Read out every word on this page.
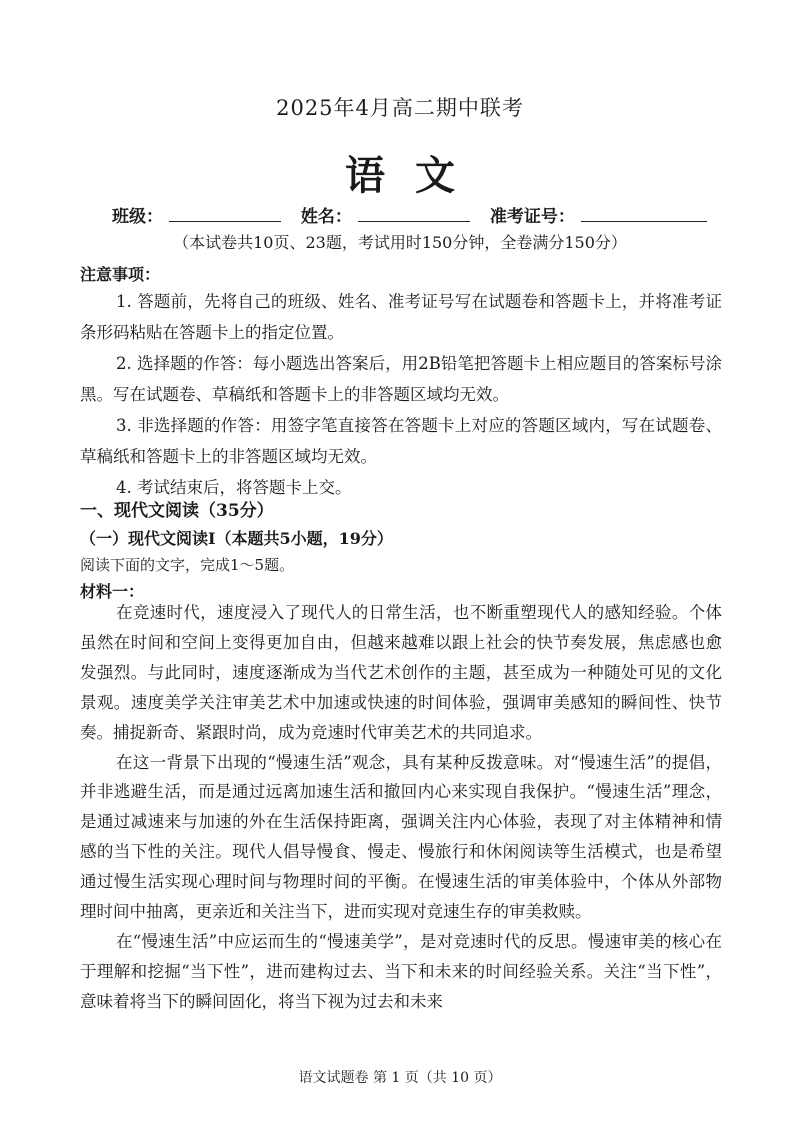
2025年4月高二期中联考
语文
班级：	姓名：	准考证号：
（本试卷共10页、23题，考试用时150分钟，全卷满分150分）
注意事项：
1. 答题前，先将自己的班级、姓名、准考证号写在试题卷和答题卡上，并将准考证条形码粘贴在答题卡上的指定位置。
2. 选择题的作答：每小题选出答案后，用2B铅笔把答题卡上相应题目的答案标号涂黑。写在试题卷、草稿纸和答题卡上的非答题区域均无效。
3. 非选择题的作答：用签字笔直接答在答题卡上对应的答题区域内，写在试题卷、草稿纸和答题卡上的非答题区域均无效。
4. 考试结束后，将答题卡上交。
一、现代文阅读（35分）
（一）现代文阅读Ⅰ（本题共5小题，19分）
阅读下面的文字，完成1～5题。
材料一：

在竞速时代，速度浸入了现代人的日常生活，也不断重塑现代人的感知经验。个体虽然在时间和空间上变得更加自由，但越来越难以跟上社会的快节奏发展，焦虑感也愈发强烈。与此同时，速度逐渐成为当代艺术创作的主题，甚至成为一种随处可见的文化景观。速度美学关注审美艺术中加速或快速的时间体验，强调审美感知的瞬间性、快节奏。捕捉新奇、紧跟时尚，成为竞速时代审美艺术的共同追求。

在这一背景下出现的“慢速生活”观念，具有某种反拨意味。对“慢速生活”的提倡，并非逃避生活，而是通过远离加速生活和撤回内心来实现自我保护。“慢速生活”理念，是通过减速来与加速的外在生活保持距离，强调关注内心体验，表现了对主体精神和情感的当下性的关注。现代人倡导慢食、慢走、慢旅行和休闲阅读等生活模式，也是希望通过慢生活实现心理时间与物理时间的平衡。在慢速生活的审美体验中，个体从外部物理时间中抽离，更亲近和关注当下，进而实现对竞速生存的审美救赎。

在“慢速生活”中应运而生的“慢速美学”，是对竞速时代的反思。慢速审美的核心在于理解和挖掘“当下性”，进而建构过去、当下和未来的时间经验关系。关注“当下性”，意味着将当下的瞬间固化，将当下视为过去和未来

语文试题卷 第 1 页（共 10 页）
